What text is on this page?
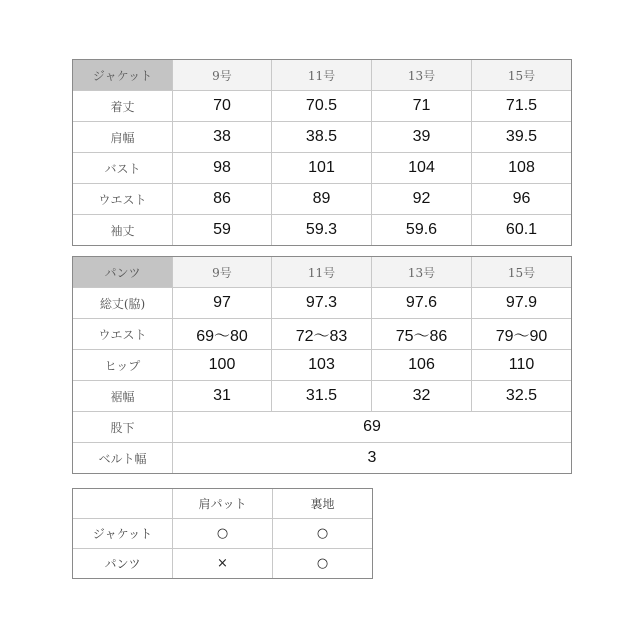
ジャケット	9号	11号	13号	15号
着丈	70	70.5	71	71.5
肩幅	38	38.5	39	39.5
バスト	98	101	104	108
ウエスト	86	89	92	96
袖丈	59	59.3	59.6	60.1
パンツ	9号	11号	13号	15号
総丈(脇)	97	97.3	97.6	97.9
ウエスト	69〜80	72〜83	75〜86	79〜90
ヒップ	100	103	106	110
裾幅	31	31.5	32	32.5
股下	69			
ベルト幅	3			
	肩パット	裏地
ジャケット	○	○
パンツ	×	○
